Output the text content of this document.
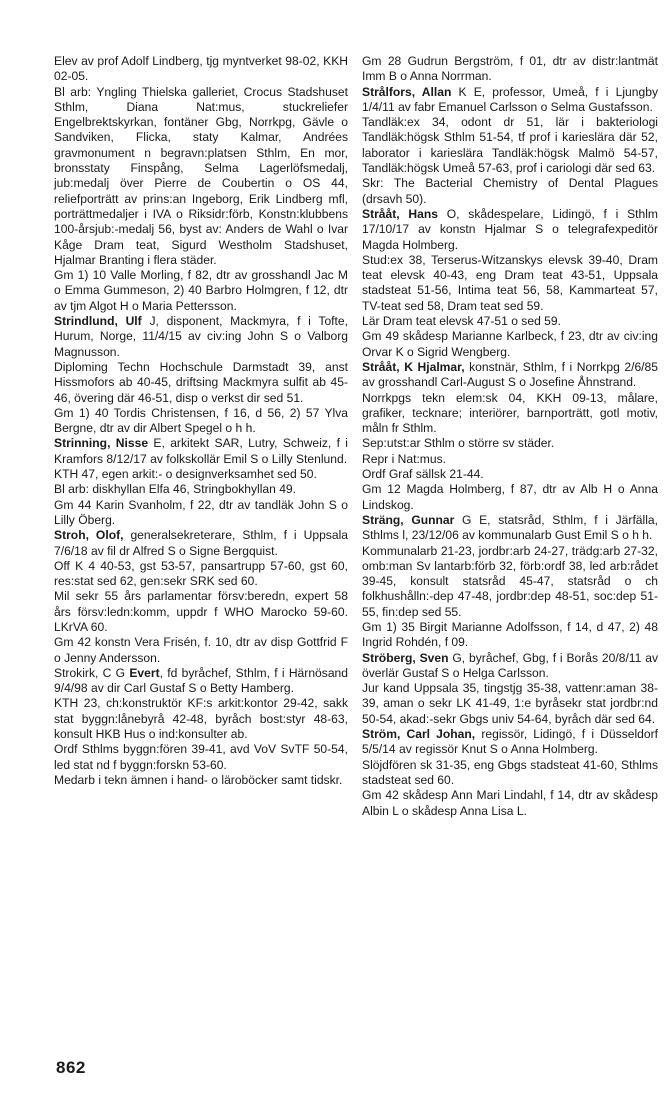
Elev av prof Adolf Lindberg, tjg myntverket 98-02, KKH 02-05.

Bl arb: Yngling Thielska galleriet, Crocus Stadshuset Sthlm, Diana Nat:mus, stuckreliefer Engelbrektskyrkan, fontäner Gbg, Norrkpg, Gävle o Sandviken, Flicka, staty Kalmar, Andrées gravmonument n begravn:platsen Sthlm, En mor, bronsstaty Finspång, Selma Lagerlöfsmedalj, jub:medalj över Pierre de Coubertin o OS 44, reliefporträtt av prins:an Ingeborg, Erik Lindberg mfl, porträttmedaljer i IVA o Riksidr:förb, Konstn:klubbens 100-årsjub:-medalj 56, byst av: Anders de Wahl o Ivar Kåge Dram teat, Sigurd Westholm Stadshuset, Hjalmar Branting i flera städer.

Gm 1) 10 Valle Morling, f 82, dtr av grosshandl Jac M o Emma Gummeson, 2) 40 Barbro Holmgren, f 12, dtr av tjm Algot H o Maria Pettersson.

Strindlund, Ulf J, disponent, Mackmyra, f i Tofte, Hurum, Norge, 11/4/15 av civ:ing John S o Valborg Magnusson.

Diploming Techn Hochschule Darmstadt 39, anst Hissmofors ab 40-45, driftsing Mackmyra sulfit ab 45-46, övering där 46-51, disp o verkst dir sed 51.

Gm 1) 40 Tordis Christensen, f 16, d 56, 2) 57 Ylva Bergne, dtr av dir Albert Spegel o h h.

Strinning, Nisse E, arkitekt SAR, Lutry, Schweiz, f i Kramfors 8/12/17 av folkskollär Emil S o Lilly Stenlund.

KTH 47, egen arkit:- o designverksamhet sed 50.

Bl arb: diskhyllan Elfa 46, Stringbokhyllan 49.

Gm 44 Karin Svanholm, f 22, dtr av tandläk John S o Lilly Öberg.

Stroh, Olof, generalsekreterare, Sthlm, f i Uppsala 7/6/18 av fil dr Alfred S o Signe Bergquist.

Off K 4 40-53, gst 53-57, pansartrupp 57-60, gst 60, res:stat sed 62, gen:sekr SRK sed 60.

Mil sekr 55 års parlamentar försv:beredn, expert 58 års försv:ledn:komm, uppdr f WHO Marocko 59-60. LKrVA 60.

Gm 42 konstn Vera Frisén, f. 10, dtr av disp Gottfrid F o Jenny Andersson.

Strokirk, C G Evert, fd byråchef, Sthlm, f i Härnösand 9/4/98 av dir Carl Gustaf S o Betty Hamberg.

KTH 23, ch:konstruktör KF:s arkit:kontor 29-42, sakk stat byggn:lånebyrå 42-48, byråch bost:styr 48-63, konsult HKB Hus o ind:konsulter ab.

Ordf Sthlms byggn:fören 39-41, avd VoV SvTF 50-54, led stat nd f byggn:forskn 53-60.

Medarb i tekn ämnen i hand- o läroböcker samt tidskr.

Gm 28 Gudrun Bergström, f 01, dtr av distr:lantmät Imm B o Anna Norrman.

Strålfors, Allan K E, professor, Umeå, f i Ljungby 1/4/11 av fabr Emanuel Carlsson o Selma Gustafsson.

Tandläk:ex 34, odont dr 51, lär i bakteriologi Tandläk:högsk Sthlm 51-54, tf prof i karieslära där 52, laborator i karieslära Tandläk:högsk Malmö 54-57, Tandläk:högsk Umeå 57-63, prof i cariologi där sed 63.

Skr: The Bacterial Chemistry of Dental Plagues (drsavh 50).

Strååt, Hans O, skådespelare, Lidingö, f i Sthlm 17/10/17 av konstn Hjalmar S o telegrafexpeditör Magda Holmberg.

Stud:ex 38, Terserus-Witzanskys elevsk 39-40, Dram teat elevsk 40-43, eng Dram teat 43-51, Uppsala stadsteat 51-56, Intima teat 56, 58, Kammarteat 57, TV-teat sed 58, Dram teat sed 59.

Lär Dram teat elevsk 47-51 o sed 59.

Gm 49 skådesp Marianne Karlbeck, f 23, dtr av civ:ing Orvar K o Sigrid Wengberg.

Strååt, K Hjalmar, konstnär, Sthlm, f i Norrkpg 2/6/85 av grosshandl Carl-August S o Josefine Åhnstrand.

Norrkpgs tekn elem:sk 04, KKH 09-13, målare, grafiker, tecknare; interiörer, barnporträtt, gotl motiv, måln fr Sthlm.

Sep:utst:ar Sthlm o större sv städer.

Repr i Nat:mus.

Ordf Graf sällsk 21-44.

Gm 12 Magda Holmberg, f 87, dtr av Alb H o Anna Lindskog.

Sträng, Gunnar G E, statsråd, Sthlm, f i Järfälla, Sthlms l, 23/12/06 av kommunalarb Gust Emil S o h h.

Kommunalarb 21-23, jordbr:arb 24-27, trädg:arb 27-32, omb:man Sv lantarb:förb 32, förb:ordf 38, led arb:rådet 39-45, konsult statsråd 45-47, statsråd o ch folkhushålln:-dep 47-48, jordbr:dep 48-51, soc:dep 51-55, fin:dep sed 55.

Gm 1) 35 Birgit Marianne Adolfsson, f 14, d 47, 2) 48 Ingrid Rohdén, f 09.

Ströberg, Sven G, byråchef, Gbg, f i Borås 20/8/11 av överlär Gustaf S o Helga Carlsson.

Jur kand Uppsala 35, tingstjg 35-38, vattenr:aman 38-39, aman o sekr LK 41-49, 1:e byråsekr stat jordbr:nd 50-54, akad:-sekr Gbgs univ 54-64, byråch där sed 64.

Ström, Carl Johan, regissör, Lidingö, f i Düsseldorf 5/5/14 av regissör Knut S o Anna Holmberg.

Slöjdfören sk 31-35, eng Gbgs stadsteat 41-60, Sthlms stadsteat sed 60.

Gm 42 skådesp Ann Mari Lindahl, f 14, dtr av skådesp Albin L o skådesp Anna Lisa L.

862
